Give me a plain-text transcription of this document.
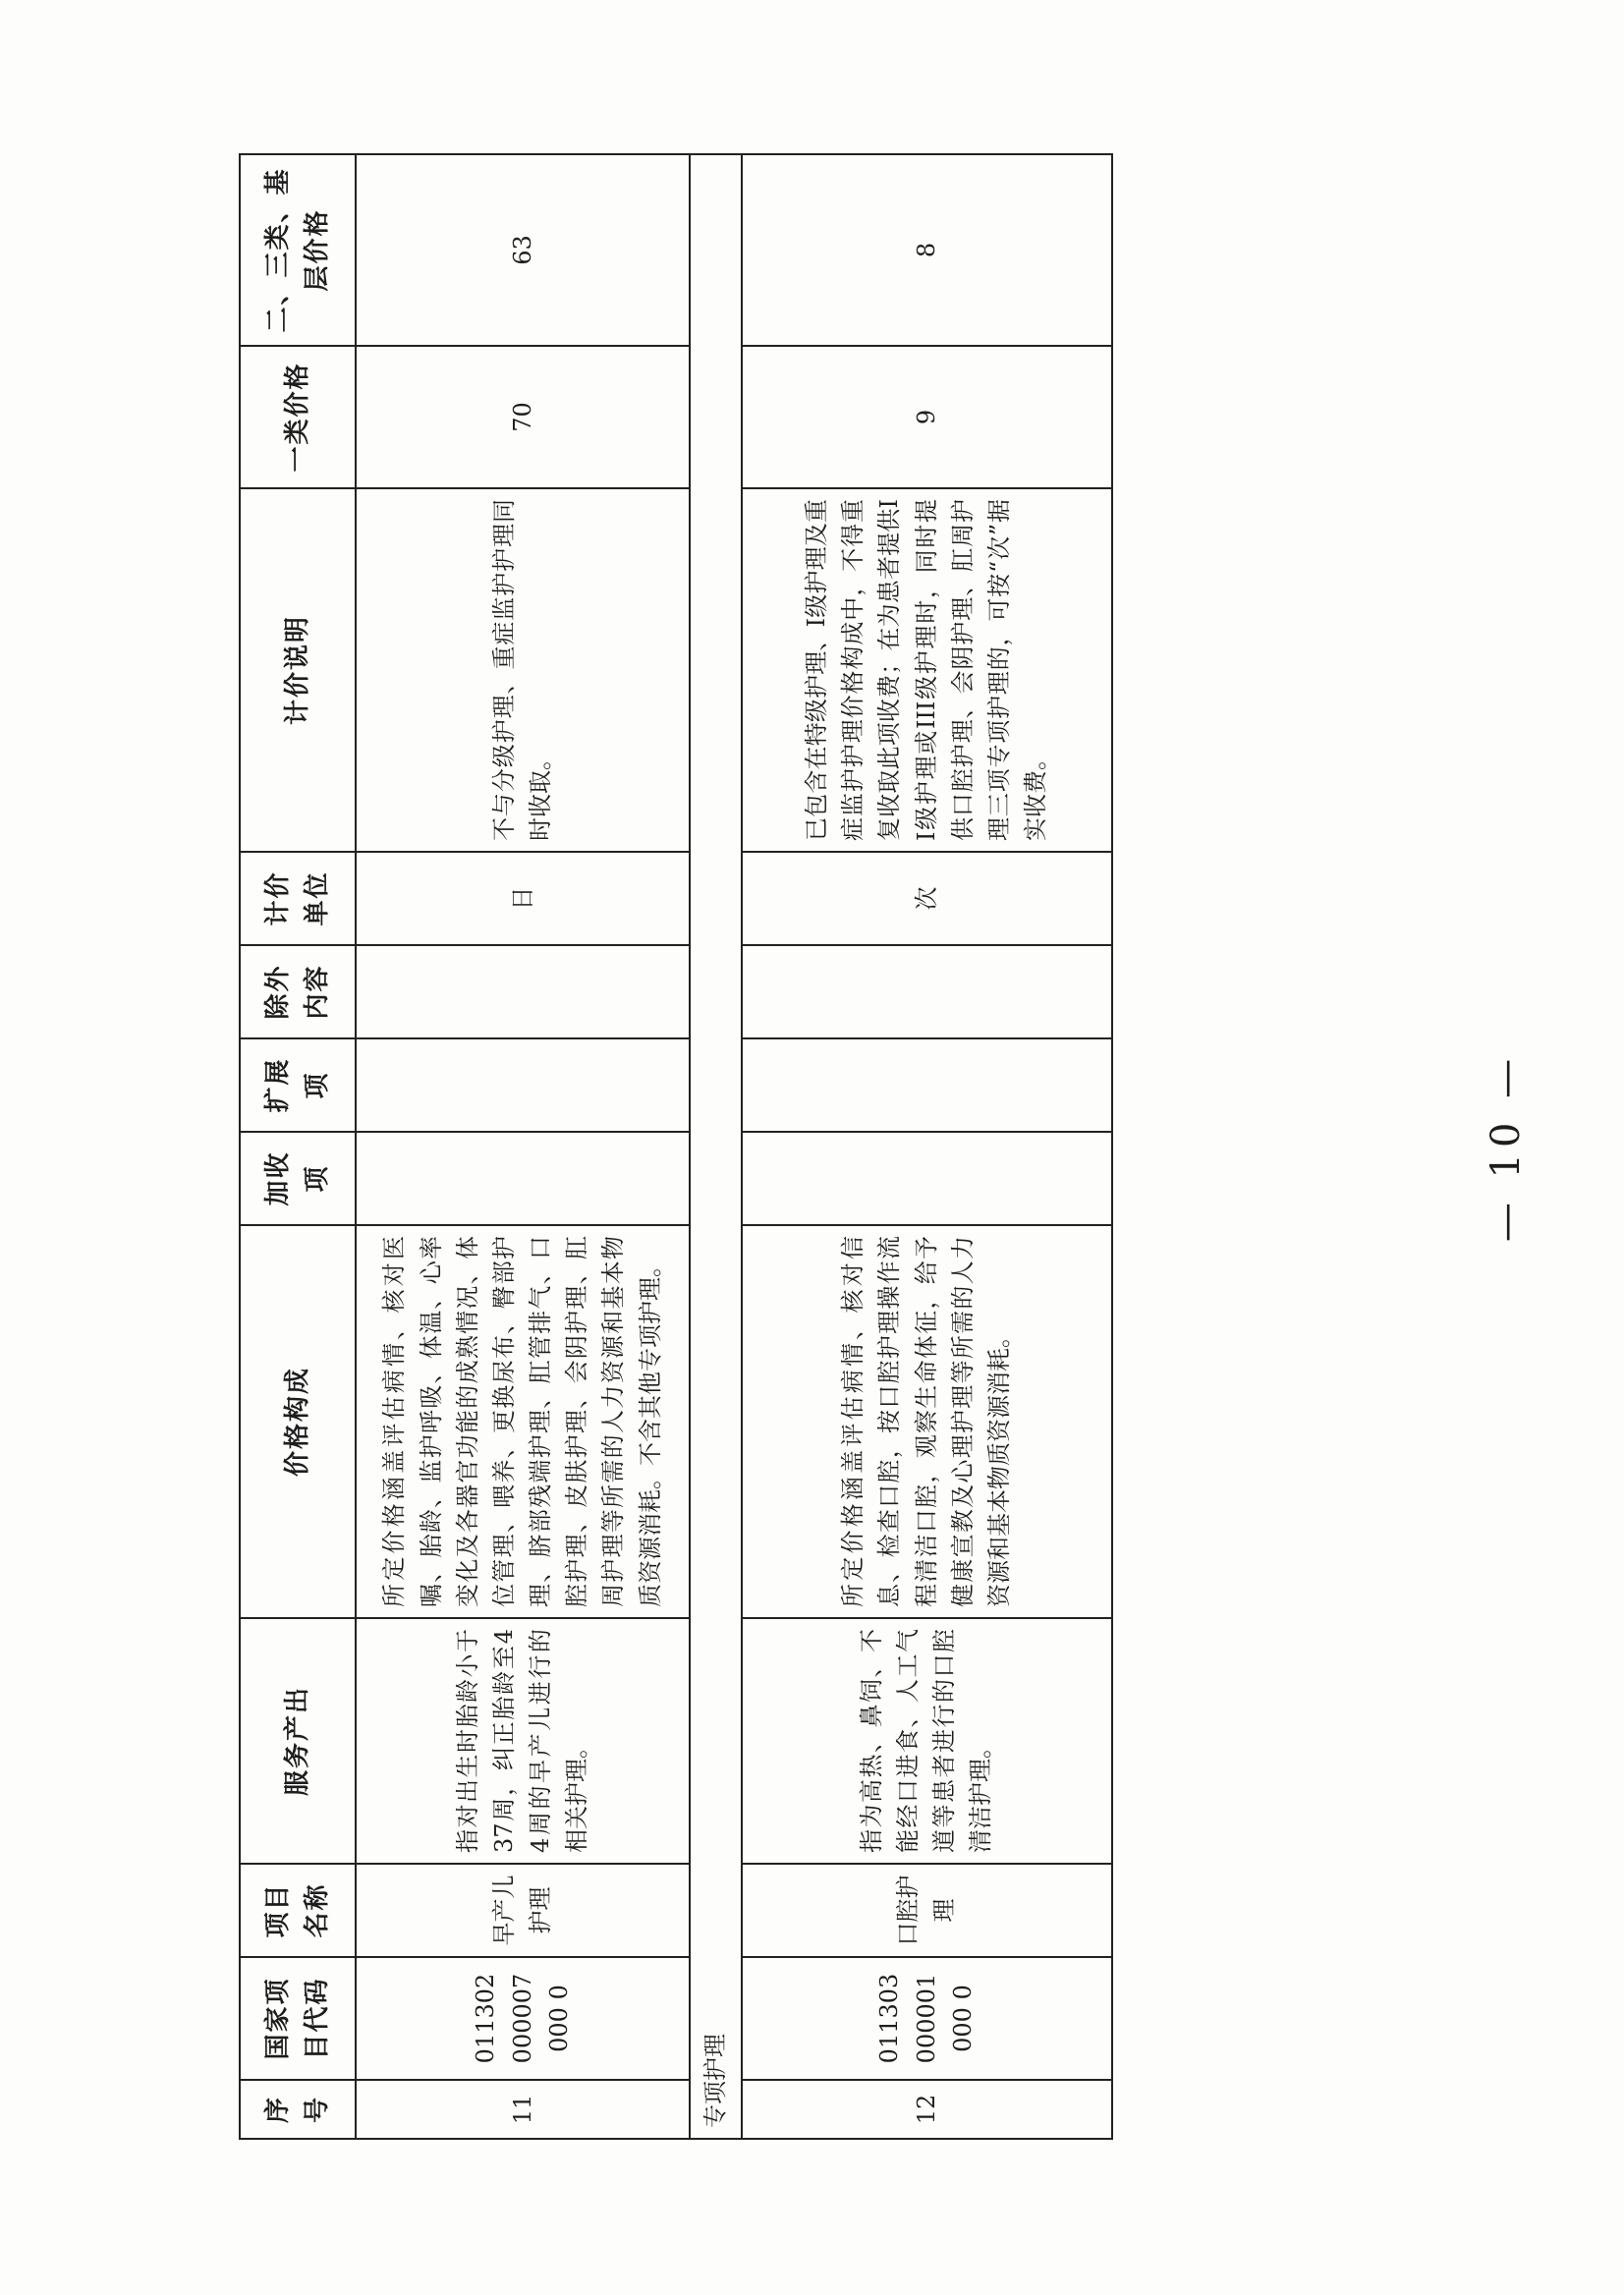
序号	国家项目代码	项目名称	服务产出	价格构成	加收项	扩展项	除外内容	计价单位	计价说明	一类价格	二、三类、基层价格
11	011302000007000 0	早产儿护理	指对出生时胎龄小于37周，纠正胎龄至44周的早产儿进行的相关护理。	所定价格涵盖评估病情、核对医嘱、胎龄、监护呼吸、体温、心率变化及各器官功能的成熟情况、体位管理、喂养、更换尿布、臀部护理、脐部残端护理、肛管排气、口腔护理、皮肤护理、会阴护理、肛周护理等所需的人力资源和基本物质资源消耗。不含其他专项护理。				日	不与分级护理、重症监护护理同时收取。	70	63
专项护理											
12	011303000001000 0	口腔护理	指为高热、鼻饲、不能经口进食、人工气道等患者进行的口腔清洁护理。	所定价格涵盖评估病情、核对信息、检查口腔，按口腔护理操作流程清洁口腔，观察生命体征，给予健康宣教及心理护理等所需的人力资源和基本物质资源消耗。				次	已包含在特级护理、I级护理及重症监护护理价格构成中，不得重复收取此项收费；在为患者提供II级护理或III级护理时，同时提供口腔护理、会阴护理、肛周护理三项专项护理的，可按“次”据实收费。	9	8
— 10 —
